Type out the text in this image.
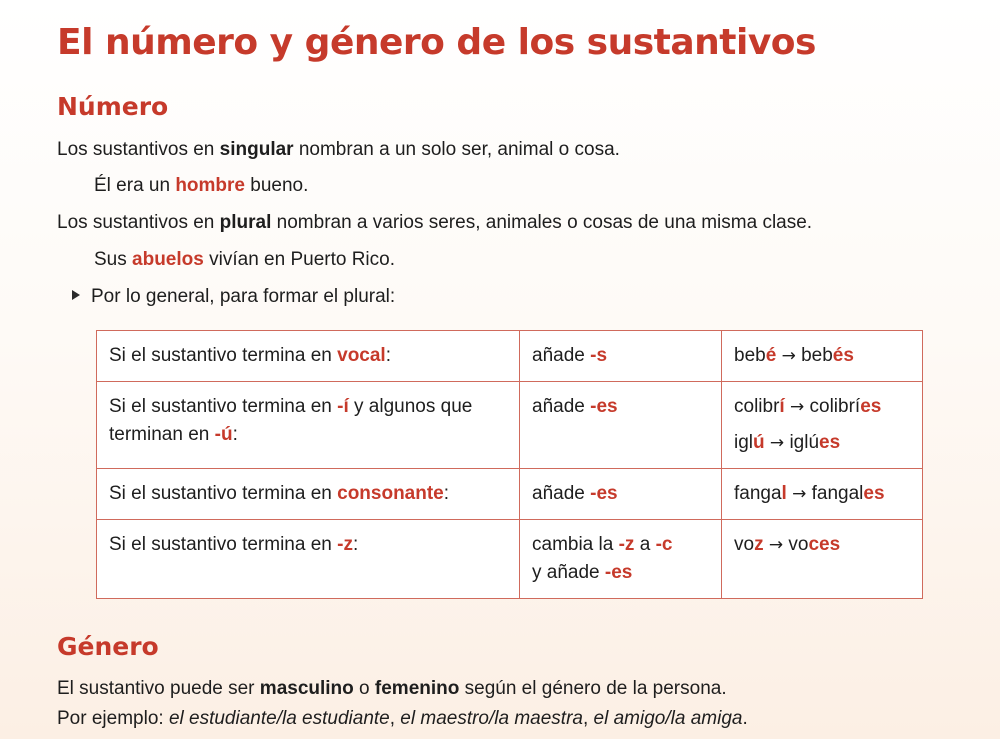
El número y género de los sustantivos
Número

Los sustantivos en singular nombran a un solo ser, animal o cosa.

Él era un hombre bueno.

Los sustantivos en plural nombran a varios seres, animales o cosas de una misma clase.

Sus abuelos vivían en Puerto Rico.

Por lo general, para formar el plural:

Si el sustantivo termina en vocal:	añade -s	bebé → bebés

Si el sustantivo termina en -í y algunos que terminan en -ú:	añade -es	colibrí → colibríes
iglú → iglúes

Si el sustantivo termina en consonante:	añade -es	fangal → fangales

Si el sustantivo termina en -z:	cambia la -z a -c
y añade -es	voz → voces
Género

El sustantivo puede ser masculino o femenino según el género de la persona.

Por ejemplo: el estudiante/la estudiante, el maestro/la maestra, el amigo/la amiga.
